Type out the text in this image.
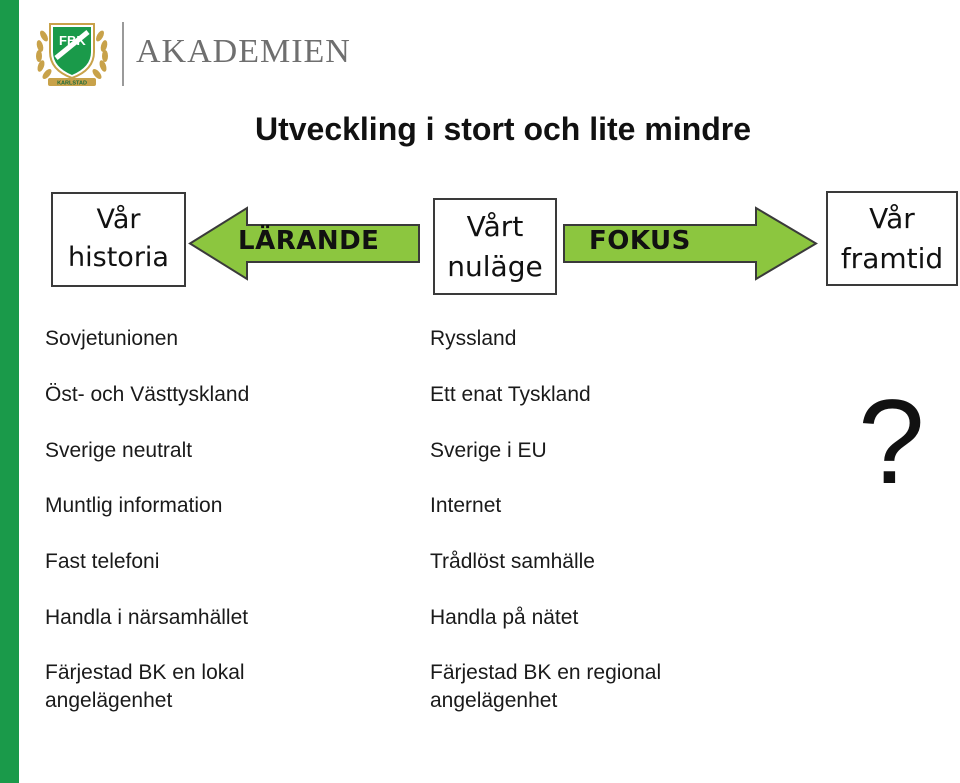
FBK
KARLSTAD
AKADEMIEN
Utveckling i stort och lite mindre
Vår
historia
Vårt
nuläge
Vår
framtid
LÄRANDE	FOKUS
Sovjetunionen
Öst- och Västtyskland
Sverige neutralt
Muntlig information
Fast telefoni
Handla i närsamhället
Färjestad BK en lokal
angelägenhet
Ryssland
Ett enat Tyskland
Sverige i EU
Internet
Trådlöst samhälle
Handla på nätet
Färjestad BK en regional
angelägenhet
?
